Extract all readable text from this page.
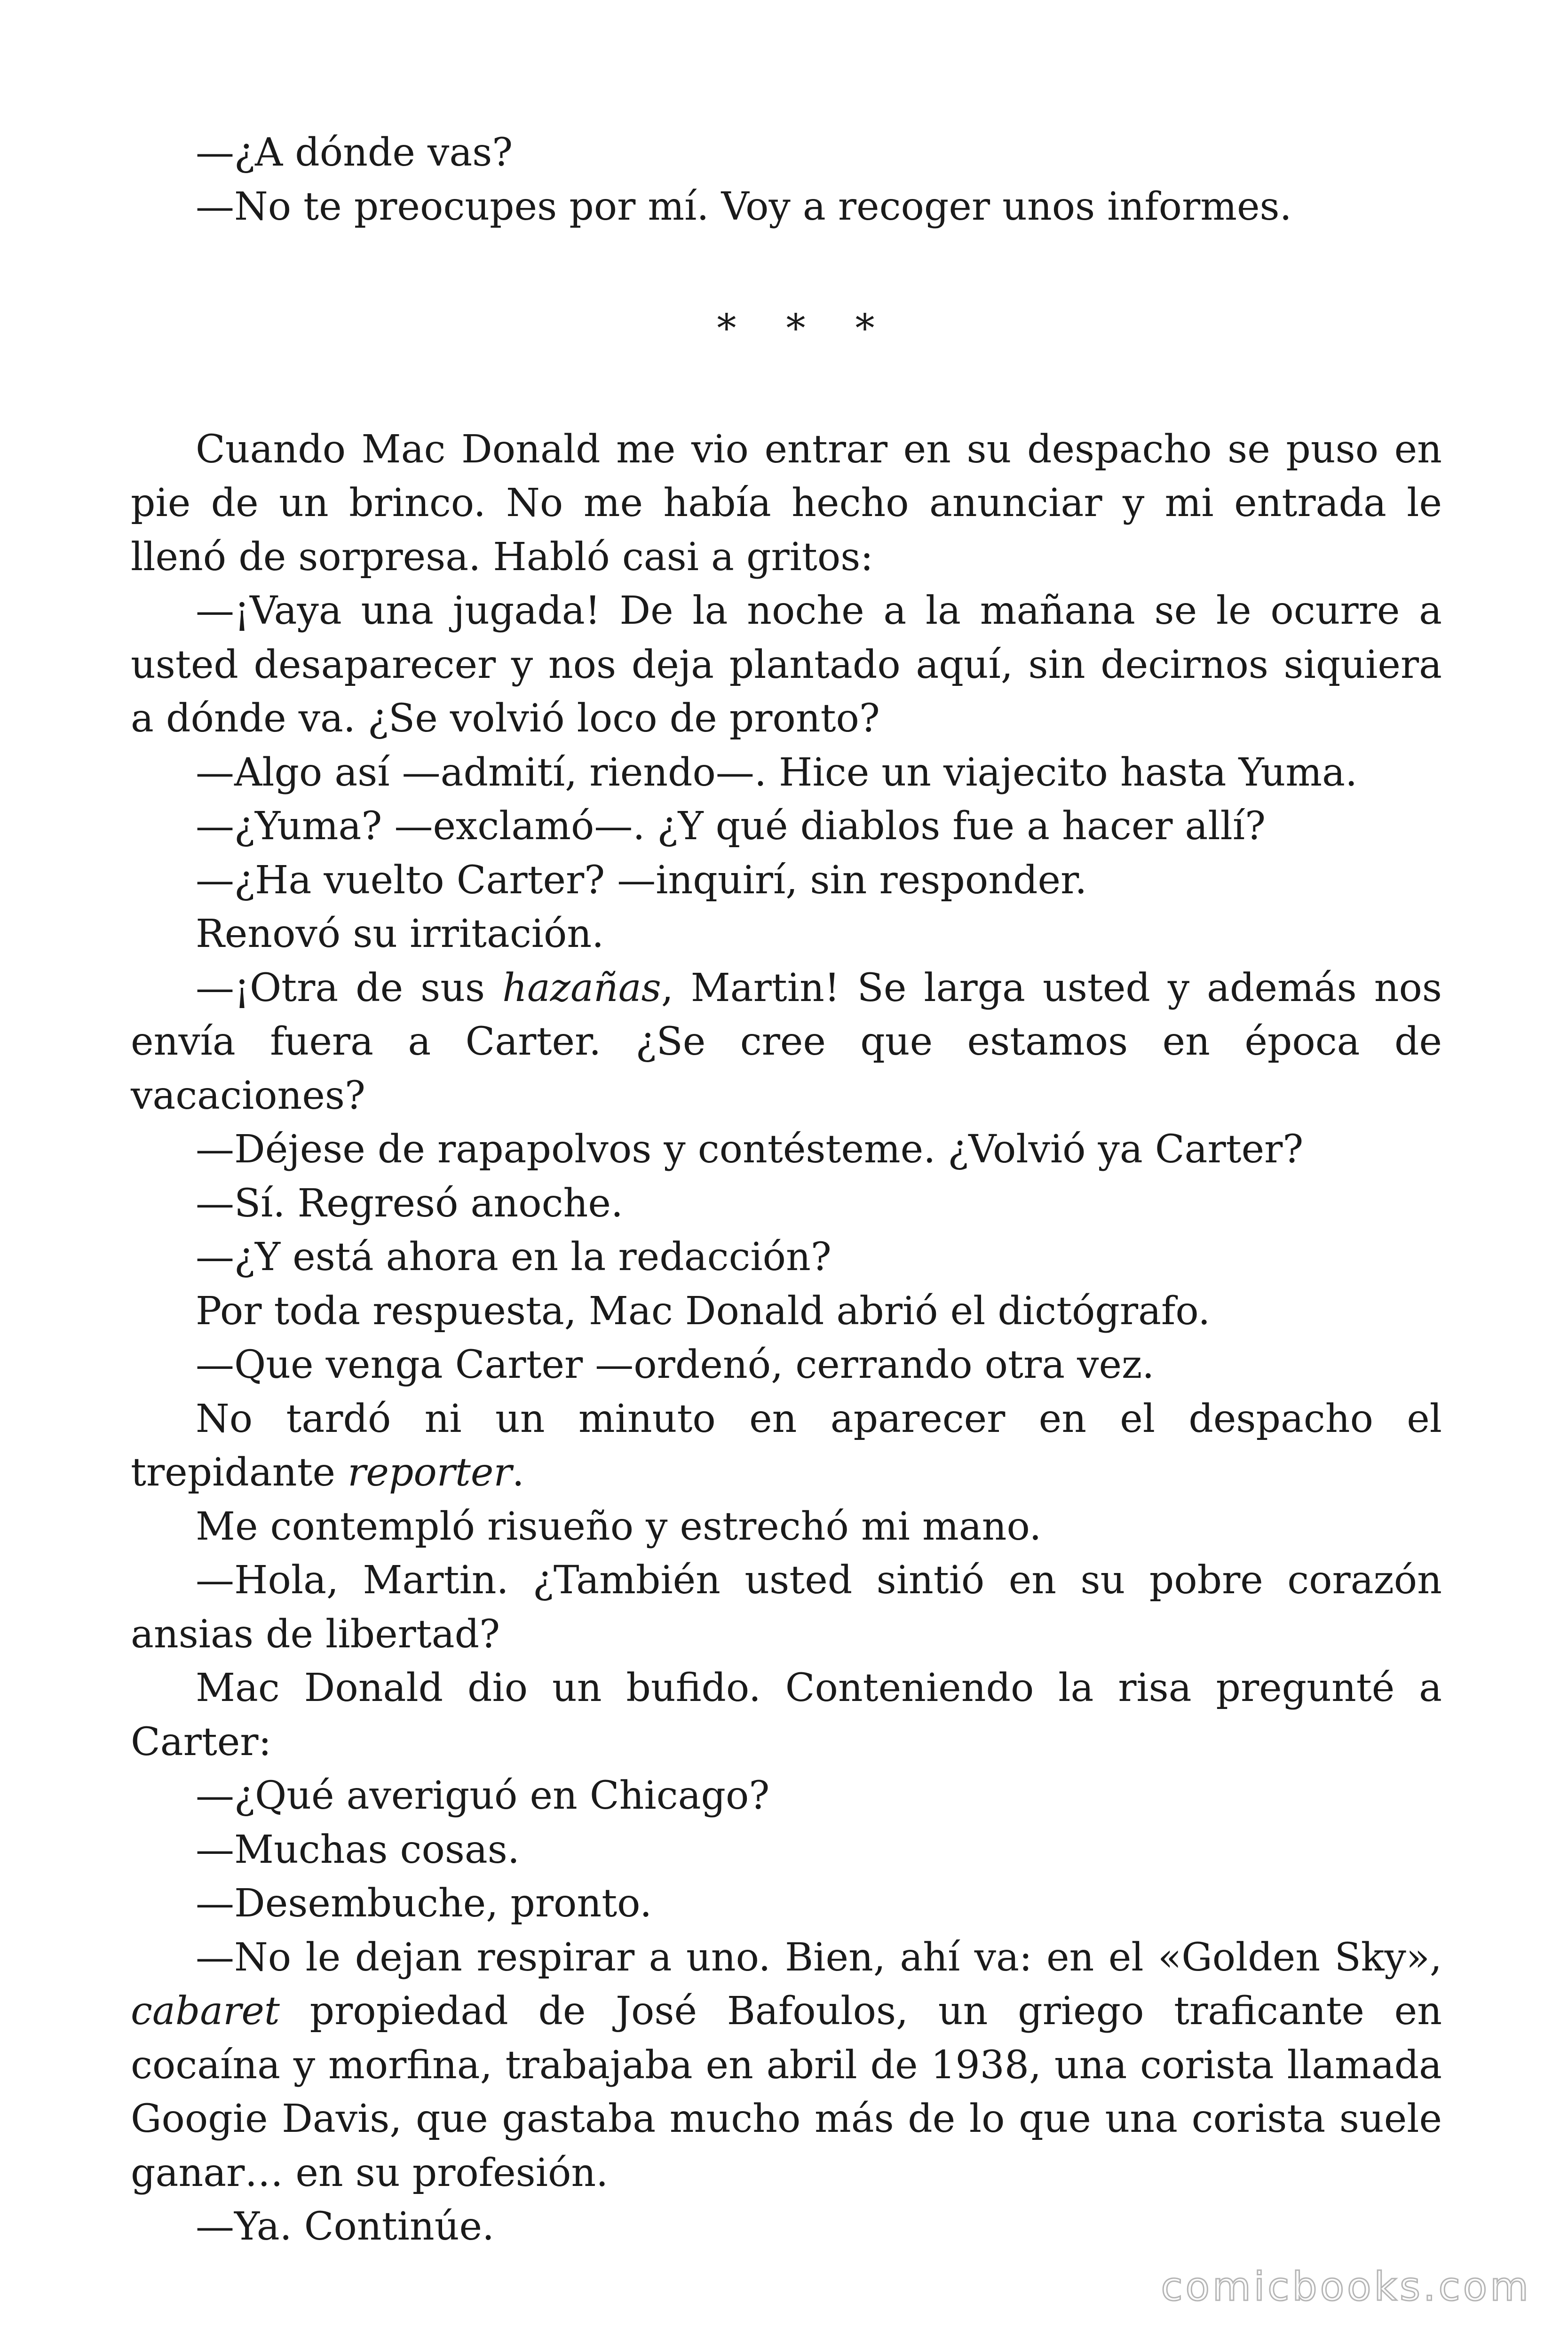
—¿A dónde vas?

—No te preocupes por mí. Voy a recoger unos informes.

* * *

Cuando Mac Donald me vio entrar en su despacho se puso en pie de un brinco. No me había hecho anunciar y mi entrada le llenó de sorpresa. Habló casi a gritos:

—¡Vaya una jugada! De la noche a la mañana se le ocurre a usted desaparecer y nos deja plantado aquí, sin decirnos siquiera a dónde va. ¿Se volvió loco de pronto?

—Algo así —admití, riendo—. Hice un viajecito hasta Yuma.

—¿Yuma? —exclamó—. ¿Y qué diablos fue a hacer allí?

—¿Ha vuelto Carter? —inquirí, sin responder.

Renovó su irritación.

—¡Otra de sus hazañas, Martin! Se larga usted y además nos envía fuera a Carter. ¿Se cree que estamos en época de vacaciones?

—Déjese de rapapolvos y contésteme. ¿Volvió ya Carter?

—Sí. Regresó anoche.

—¿Y está ahora en la redacción?

Por toda respuesta, Mac Donald abrió el dictógrafo.

—Que venga Carter —ordenó, cerrando otra vez.

No tardó ni un minuto en aparecer en el despacho el trepidante reporter.

Me contempló risueño y estrechó mi mano.

—Hola, Martin. ¿También usted sintió en su pobre corazón ansias de libertad?

Mac Donald dio un bufido. Conteniendo la risa pregunté a Carter:

—¿Qué averiguó en Chicago?

—Muchas cosas.

—Desembuche, pronto.

—No le dejan respirar a uno. Bien, ahí va: en el «Golden Sky», cabaret propiedad de José Bafoulos, un griego traficante en cocaína y morfina, trabajaba en abril de 1938, una corista llamada Googie Davis, que gastaba mucho más de lo que una corista suele ganar… en su profesión.

—Ya. Continúe.

comicbooks.com
